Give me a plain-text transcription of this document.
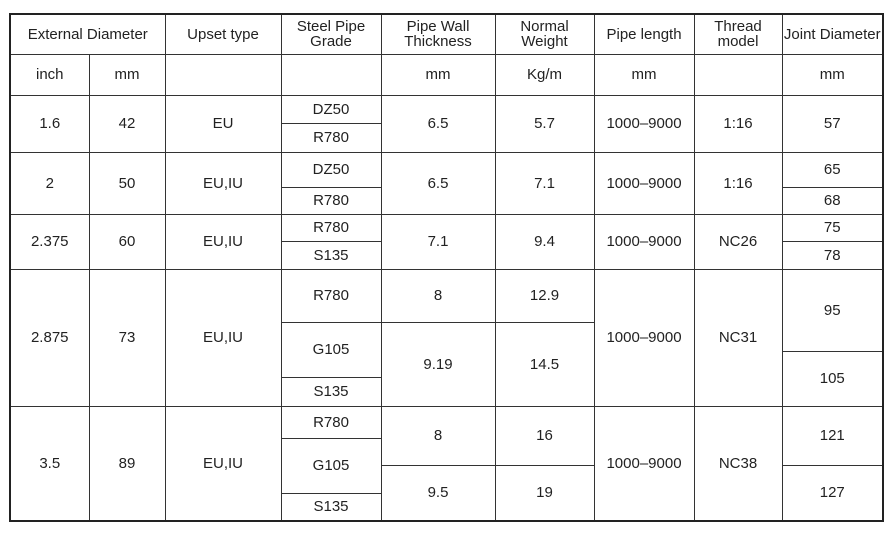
External Diameter		Upset type	Steel Pipe Grade	Pipe Wall Thickness	Normal Weight	Pipe length	Thread model	Joint Diameter
inch	mm			mm	Kg/m	mm		mm
1.6	42	EU	DZ50	6.5	5.7	1000–9000	1:16	57
			R780					
2	50	EU,IU	DZ50	6.5	7.1	1000–9000	1:16	65
			R780					68
2.375	60	EU,IU	R780	7.1	9.4	1000–9000	NC26	75
			S135					78
2.875	73	EU,IU	R780	8	12.9	1000–9000	NC31	95
			G105	9.19	14.5			
								105
			S135					
3.5	89	EU,IU	R780	8	16	1000–9000	NC38	121
			G105					
				9.5	19			127
			S135					
